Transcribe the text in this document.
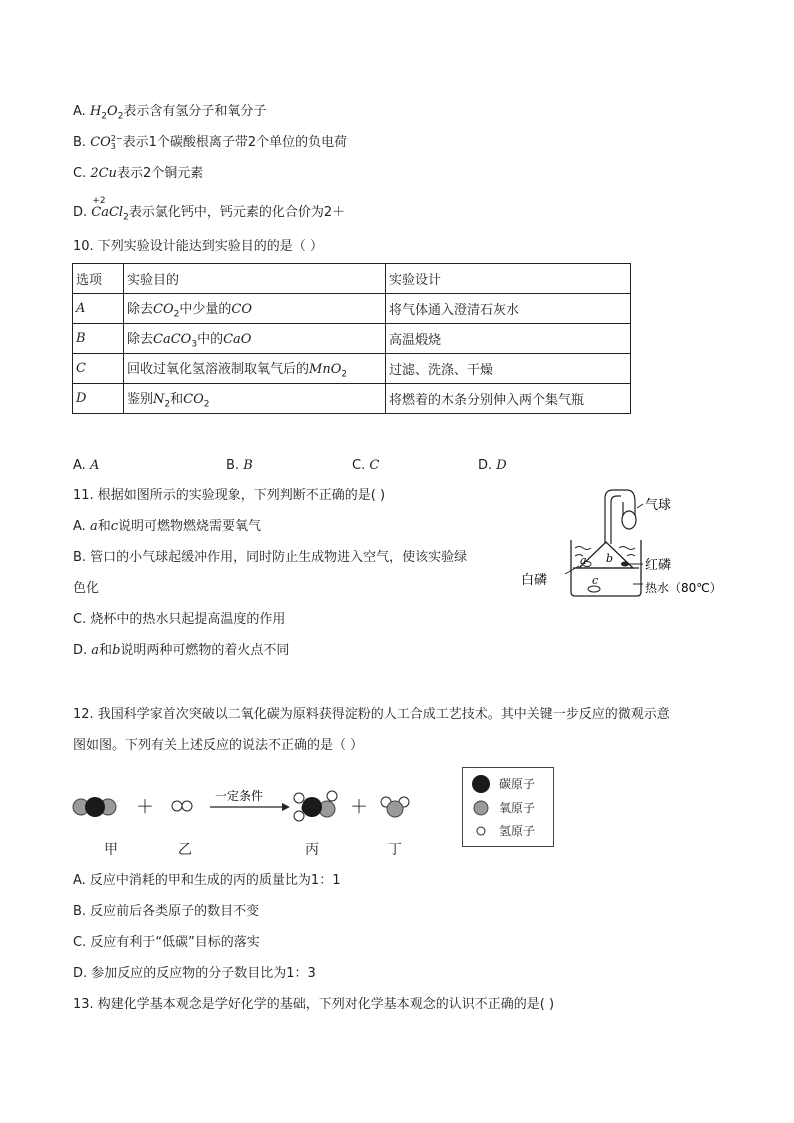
A. $H_2O_2$表示含有氢分子和氧分子
B. CO 2−
3 表示1个碳酸根离子带2个单位的负电荷
C. 2Cu表示2个铜元素
D.
+2
CaCl$_2$表示氯化钙中，钙元素的化合价为2＋
10. 下列实验设计能达到实验目的的是（ ）
选项	实验目的	实验设计
A	除去$CO_2$中少量的CO	将气体通入澄清石灰水
B	除去CaCO$_3$中的CaO	高温煅烧
C	回收过氧化氢溶液制取氧气后的MnO$_2$	过滤、洗涤、干燥
D	鉴别$N_2$和$CO_2$	将燃着的木条分别伸入两个集气瓶
A. A	B. B	C. C	D. D
11. 根据如图所示的实验现象，下列判断不正确的是( )
A. a和c说明可燃物燃烧需要氧气
B. 管口的小气球起缓冲作用，同时防止生成物进入空气，使该实验绿
色化
C. 烧杯中的热水只起提高温度的作用
D. a和b说明两种可燃物的着火点不同
a b
c
气球
红磷
白磷	热水（80℃）
12. 我国科学家首次突破以二氧化碳为原料获得淀粉的人工合成工艺技术。其中关键一步反应的微观示意
图如图。下列有关上述反应的说法不正确的是（ ）
＋
一定条件
＋
甲	乙	丙	丁
碳原子
氧原子
氢原子
A. 反应中消耗的甲和生成的丙的质量比为1：1
B. 反应前后各类原子的数目不变
C. 反应有利于“低碳”目标的落实
D. 参加反应的反应物的分子数目比为1：3
13. 构建化学基本观念是学好化学的基础，下列对化学基本观念的认识不正确的是( )
